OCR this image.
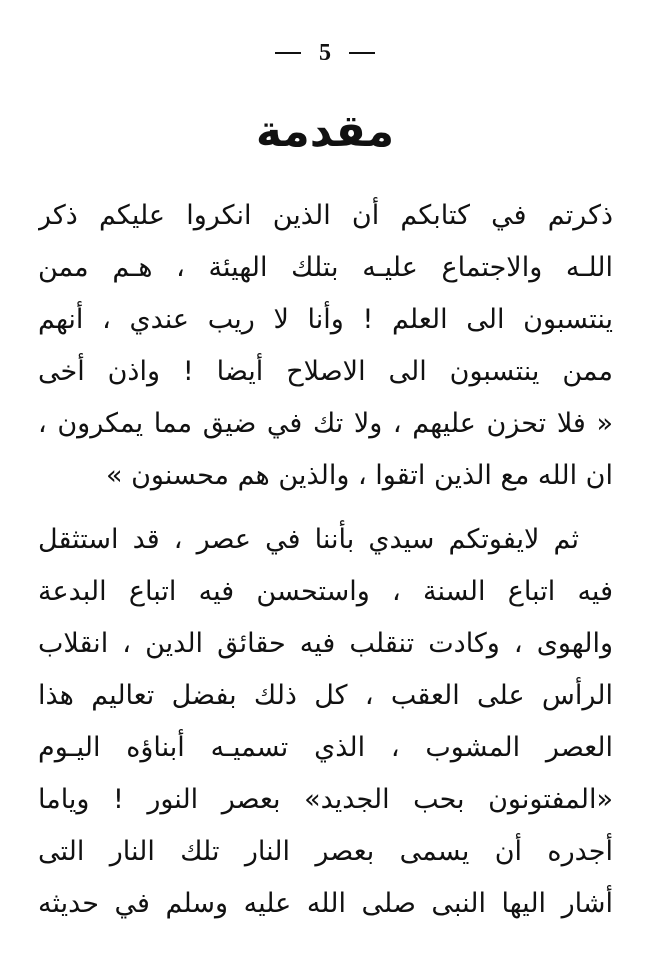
5
مقدمة
ذكرتم في كتابكم أن الذين انكروا عليكم ذكر
اللـه والاجتماع عليـه بتلك الهيئة ، هـم ممن
ينتسبون الى العلم ! وأنا لا ريب عندي ، أنهم
ممن ينتسبون الى الاصلاح أيضا ! واذن أخى
« فلا تحزن عليهم ، ولا تك في ضيق مما يمكرون ،
ان الله مع الذين اتقوا ، والذين هم محسنون »
ثم لايفوتكم سيدي بأننا في عصر ، قد استثقل
فيه اتباع السنة ، واستحسن فيه اتباع البدعة
والهوى ، وكادت تنقلب فيه حقائق الدين ، انقلاب
الرأس على العقب ، كل ذلك بفضل تعاليم هذا
العصر المشوب ، الذي تسميـه أبناؤه اليـوم
«المفتونون بحب الجديد» بعصر النور ! وياما
أجدره أن يسمى بعصر النار تلك النار التى
أشار اليها النبى صلى الله عليه وسلم في حديثه
